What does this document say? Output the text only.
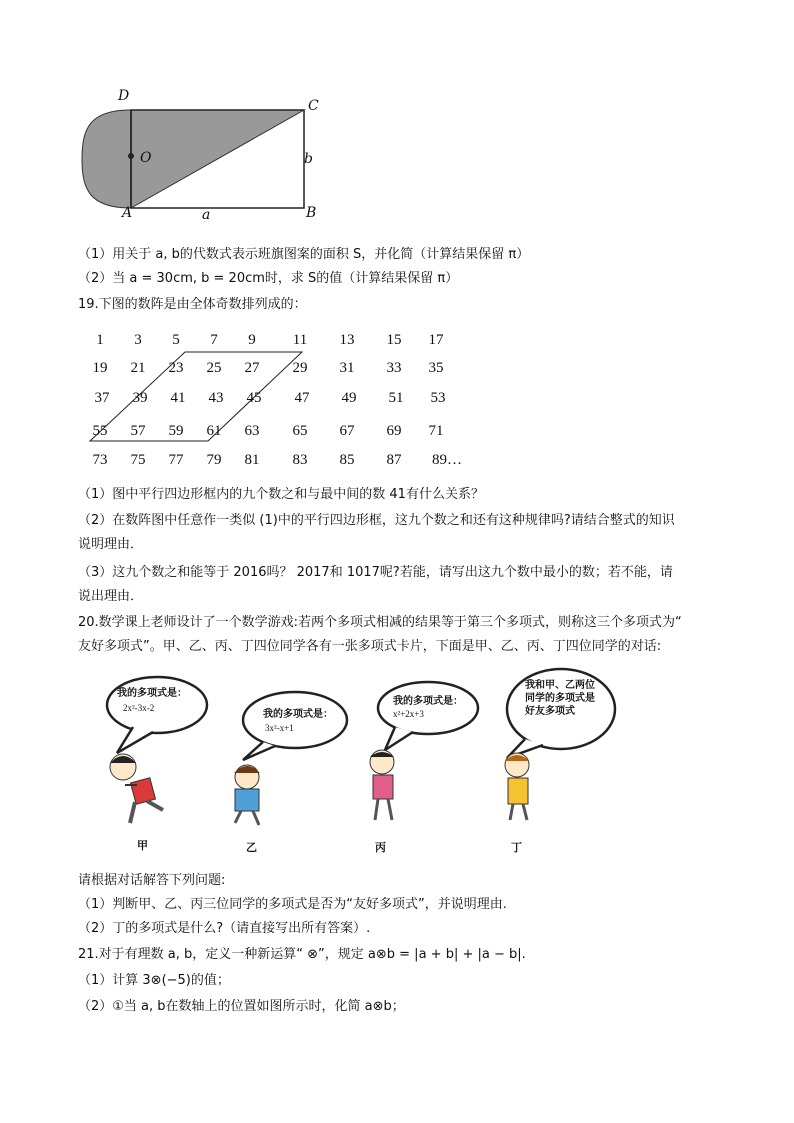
D
C
O
A	B
a
b
（1）用关于 a, b的代数式表示班旗图案的面积 S，并化简（计算结果保留 π）
（2）当 a = 30cm, b = 20cm时，求 S的值（计算结果保留 π）
19.下图的数阵是由全体奇数排列成的：
1	3	5	7	9	11	13	15	17
19	21	23	25	27	29	31	33	35
37	39	41	43	45	47	49	51	53
55	57	59	61	63	65	67	69	71
73	75	77	79	81	83	85	87	89…
（1）图中平行四边形框内的九个数之和与最中间的数 41有什么关系？
（2）在数阵图中任意作一类似 (1)中的平行四边形框，这九个数之和还有这种规律吗?请结合整式的知识
说明理由．
（3）这九个数之和能等于 2016吗？ 2017和 1017呢?若能，请写出这九个数中最小的数；若不能，请
说出理由．
20.数学课上老师设计了一个数学游戏:若两个多项式相减的结果等于第三个多项式，则称这三个多项式为“
友好多项式”。甲、乙、丙、丁四位同学各有一张多项式卡片，下面是甲、乙、丙、丁四位同学的对话:
我的多项式是：
2x²-3x-2
我的多项式是：
3x²-x+1
我的多项式是：
x²+2x+3
我和甲、乙两位同学的多项式是好友多项式
甲	乙	丙	丁
请根据对话解答下列问题:
（1）判断甲、乙、丙三位同学的多项式是否为“友好多项式”，并说明理由.
（2）丁的多项式是什么?（请直接写出所有答案）.
21.对于有理数 a, b，定义一种新运算“ ⊗”，规定 a⊗b = |a + b| + |a − b|.
（1）计算 3⊗(−5)的值；
（2）①当 a, b在数轴上的位置如图所示时，化简 a⊗b；
